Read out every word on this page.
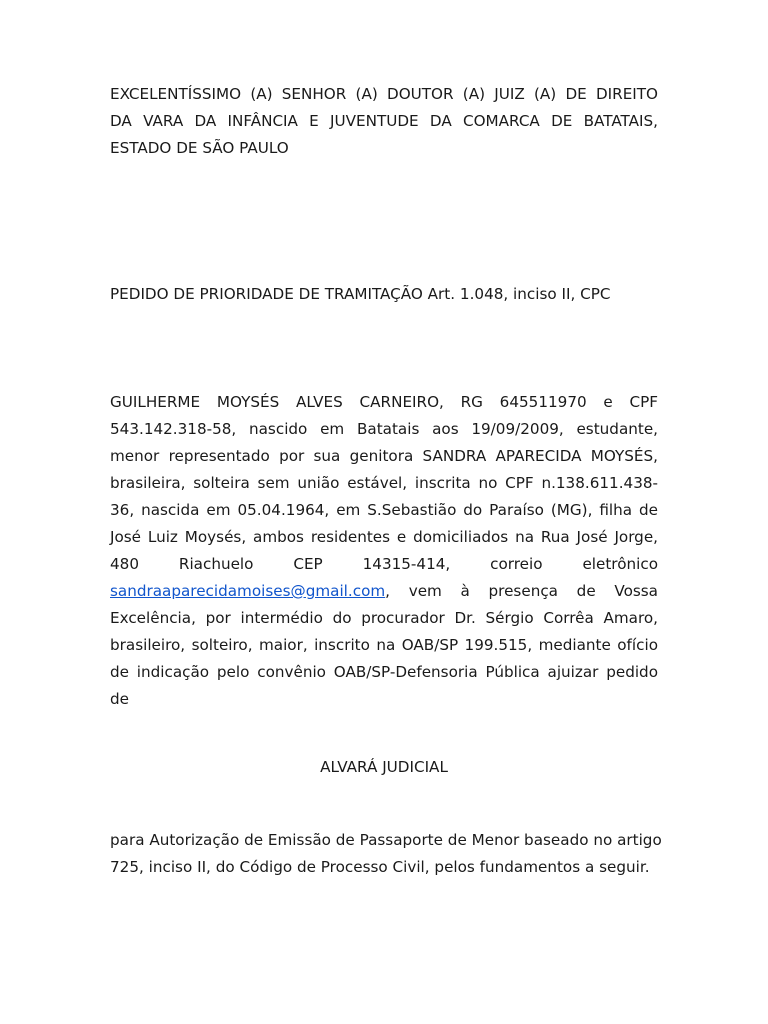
EXCELENTÍSSIMO (A) SENHOR (A) DOUTOR (A) JUIZ (A) DE DIREITO
DA VARA DA INFÂNCIA E JUVENTUDE DA COMARCA DE BATATAIS,
ESTADO DE SÃO PAULO

PEDIDO DE PRIORIDADE DE TRAMITAÇÃO Art. 1.048, inciso II, CPC

GUILHERME MOYSÉS ALVES CARNEIRO, RG 645511970 e CPF
543.142.318-58, nascido em Batatais aos 19/09/2009, estudante,
menor representado por sua genitora SANDRA APARECIDA MOYSÉS,
brasileira, solteira sem união estável, inscrita no CPF n.138.611.438-
36, nascida em 05.04.1964, em S.Sebastião do Paraíso (MG), filha de
José Luiz Moysés, ambos residentes e domiciliados na Rua José Jorge,
480      Riachuelo      CEP      14315-414,      correio      eletrônico
sandraaparecidamoises@gmail.com,   vem   à   presença   de   Vossa
Excelência, por intermédio do procurador Dr. Sérgio Corrêa Amaro,
brasileiro, solteiro, maior, inscrito na OAB/SP 199.515, mediante ofício
de indicação pelo convênio OAB/SP-Defensoria Pública ajuizar pedido
de

ALVARÁ JUDICIAL

para Autorização de Emissão de Passaporte de Menor baseado no artigo
725, inciso II, do Código de Processo Civil, pelos fundamentos a seguir.
